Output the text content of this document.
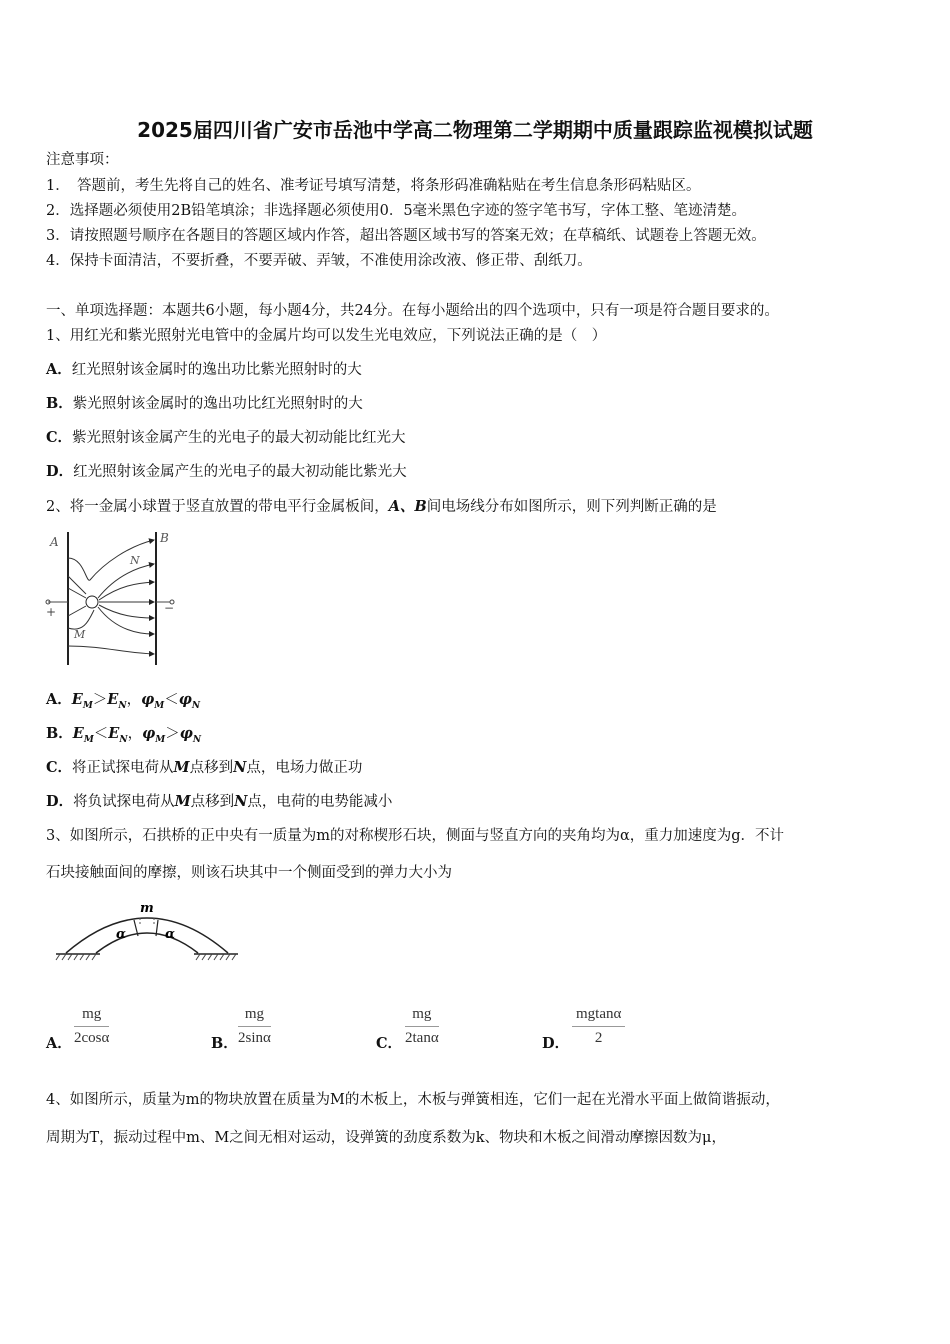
2025届四川省广安市岳池中学高二物理第二学期期中质量跟踪监视模拟试题
注意事项：
1．　答题前，考生先将自己的姓名、准考证号填写清楚，将条形码准确粘贴在考生信息条形码粘贴区。
2．选择题必须使用2B铅笔填涂；非选择题必须使用0．5毫米黑色字迹的签字笔书写，字体工整、笔迹清楚。
3．请按照题号顺序在各题目的答题区域内作答，超出答题区域书写的答案无效；在草稿纸、试题卷上答题无效。
4．保持卡面清洁，不要折叠，不要弄破、弄皱，不准使用涂改液、修正带、刮纸刀。
一、单项选择题：本题共6小题，每小题4分，共24分。在每小题给出的四个选项中，只有一项是符合题目要求的。
1、用红光和紫光照射光电管中的金属片均可以发生光电效应，下列说法正确的是（　）
A．红光照射该金属时的逸出功比紫光照射时的大
B．紫光照射该金属时的逸出功比红光照射时的大
C．紫光照射该金属产生的光电子的最大初动能比红光大
D．红光照射该金属产生的光电子的最大初动能比紫光大
2、将一金属小球置于竖直放置的带电平行金属板间，A、B间电场线分布如图所示，则下列判断正确的是
A	B
N
M
+	−
A．$E_M>E_N$，$\varphi_M<\varphi_N$
B．$E_M<E_N$，$\varphi_M>\varphi_N$
C．将正试探电荷从M点移到N点，电场力做正功
D．将负试探电荷从M点移到N点，电荷的电势能减小
3、如图所示，石拱桥的正中央有一质量为m的对称楔形石块，侧面与竖直方向的夹角均为α，重力加速度为g．不计
石块接触面间的摩擦，则该石块其中一个侧面受到的弹力大小为
m
α	α
A． $\frac{mg}{2\cos\alpha}$	B． $\frac{mg}{2\sin\alpha}$	C． $\frac{mg}{2\tan\alpha}$	D． $\frac{mgtan\alpha}{2}$
4、如图所示，质量为m的物块放置在质量为M的木板上，木板与弹簧相连，它们一起在光滑水平面上做简谐振动，
周期为T，振动过程中m、M之间无相对运动，设弹簧的劲度系数为k、物块和木板之间滑动摩擦因数为μ，
